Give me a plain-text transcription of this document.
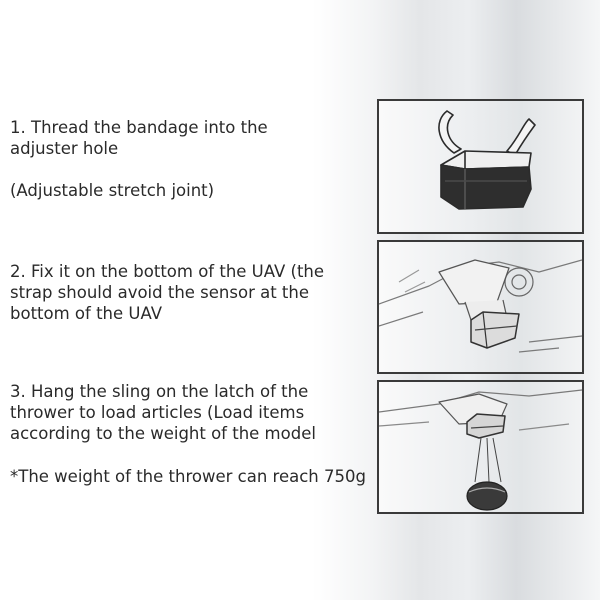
1. Thread the bandage into the
adjuster hole
(Adjustable stretch joint)
2. Fix it on the bottom of the UAV (the
strap should avoid the sensor at the
bottom of the UAV
3. Hang the sling on the latch of the
thrower to load articles (Load items
according to the weight of the model
*The weight of the thrower can reach 750g
